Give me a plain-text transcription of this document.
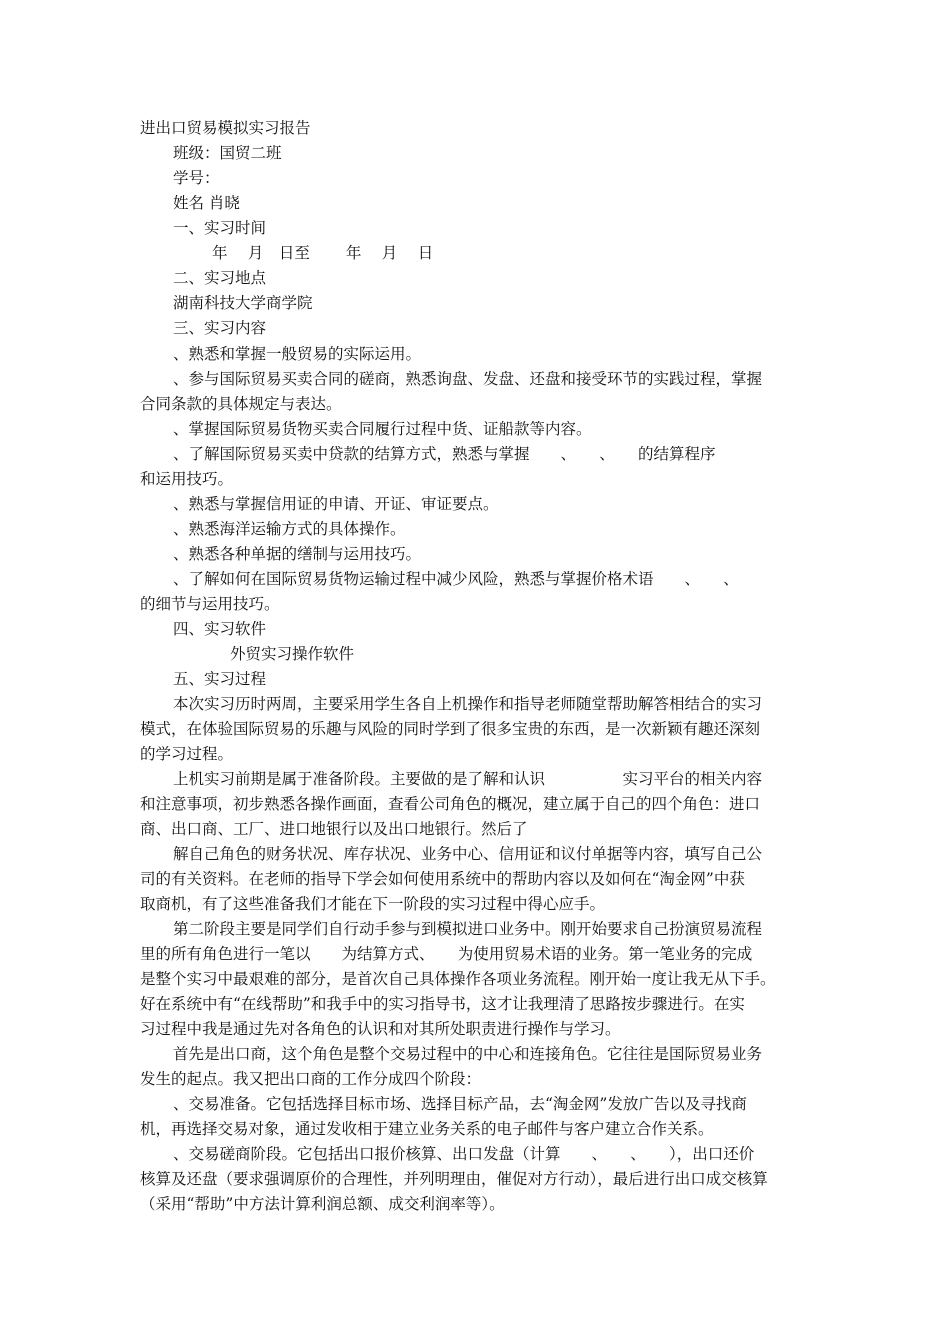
进出口贸易模拟实习报告
班级：国贸二班
学号：
姓名 肖晓
一、实习时间
年　 月　日至　　 年　 月　 日
二、实习地点
湖南科技大学商学院
三、实习内容
、熟悉和掌握一般贸易的实际运用。
、参与国际贸易买卖合同的磋商，熟悉询盘、发盘、还盘和接受环节的实践过程，掌握
合同条款的具体规定与表达。
、掌握国际贸易货物买卖合同履行过程中货、证船款等内容。
、了解国际贸易买卖中贷款的结算方式，熟悉与掌握　　、　　、　　的结算程序
和运用技巧。
、熟悉与掌握信用证的申请、开证、审证要点。
、熟悉海洋运输方式的具体操作。
、熟悉各种单据的缮制与运用技巧。
、了解如何在国际贸易货物运输过程中减少风险，熟悉与掌握价格术语　　、　　、
的细节与运用技巧。
四、实习软件
外贸实习操作软件
五、实习过程
本次实习历时两周，主要采用学生各自上机操作和指导老师随堂帮助解答相结合的实习
模式，在体验国际贸易的乐趣与风险的同时学到了很多宝贵的东西，是一次新颖有趣还深刻
的学习过程。
上机实习前期是属于准备阶段。主要做的是了解和认识　　　　　实习平台的相关内容
和注意事项，初步熟悉各操作画面，查看公司角色的概况，建立属于自己的四个角色：进口
商、出口商、工厂、进口地银行以及出口地银行。然后了
解自己角色的财务状况、库存状况、业务中心、信用证和议付单据等内容，填写自己公
司的有关资料。在老师的指导下学会如何使用系统中的帮助内容以及如何在“淘金网”中获
取商机，有了这些准备我们才能在下一阶段的实习过程中得心应手。
第二阶段主要是同学们自行动手参与到模拟进口业务中。刚开始要求自己扮演贸易流程
里的所有角色进行一笔以　　为结算方式、　　为使用贸易术语的业务。第一笔业务的完成
是整个实习中最艰难的部分，是首次自己具体操作各项业务流程。刚开始一度让我无从下手。
好在系统中有“在线帮助”和我手中的实习指导书，这才让我理清了思路按步骤进行。在实
习过程中我是通过先对各角色的认识和对其所处职责进行操作与学习。
首先是出口商，这个角色是整个交易过程中的中心和连接角色。它往往是国际贸易业务
发生的起点。我又把出口商的工作分成四个阶段：
、交易准备。它包括选择目标市场、选择目标产品，去“淘金网”发放广告以及寻找商
机，再选择交易对象，通过发收相于建立业务关系的电子邮件与客户建立合作关系。
、交易磋商阶段。它包括出口报价核算、出口发盘（计算　　、　　、　　），出口还价
核算及还盘（要求强调原价的合理性，并列明理由，催促对方行动），最后进行出口成交核算
（采用“帮助”中方法计算利润总额、成交利润率等）。
